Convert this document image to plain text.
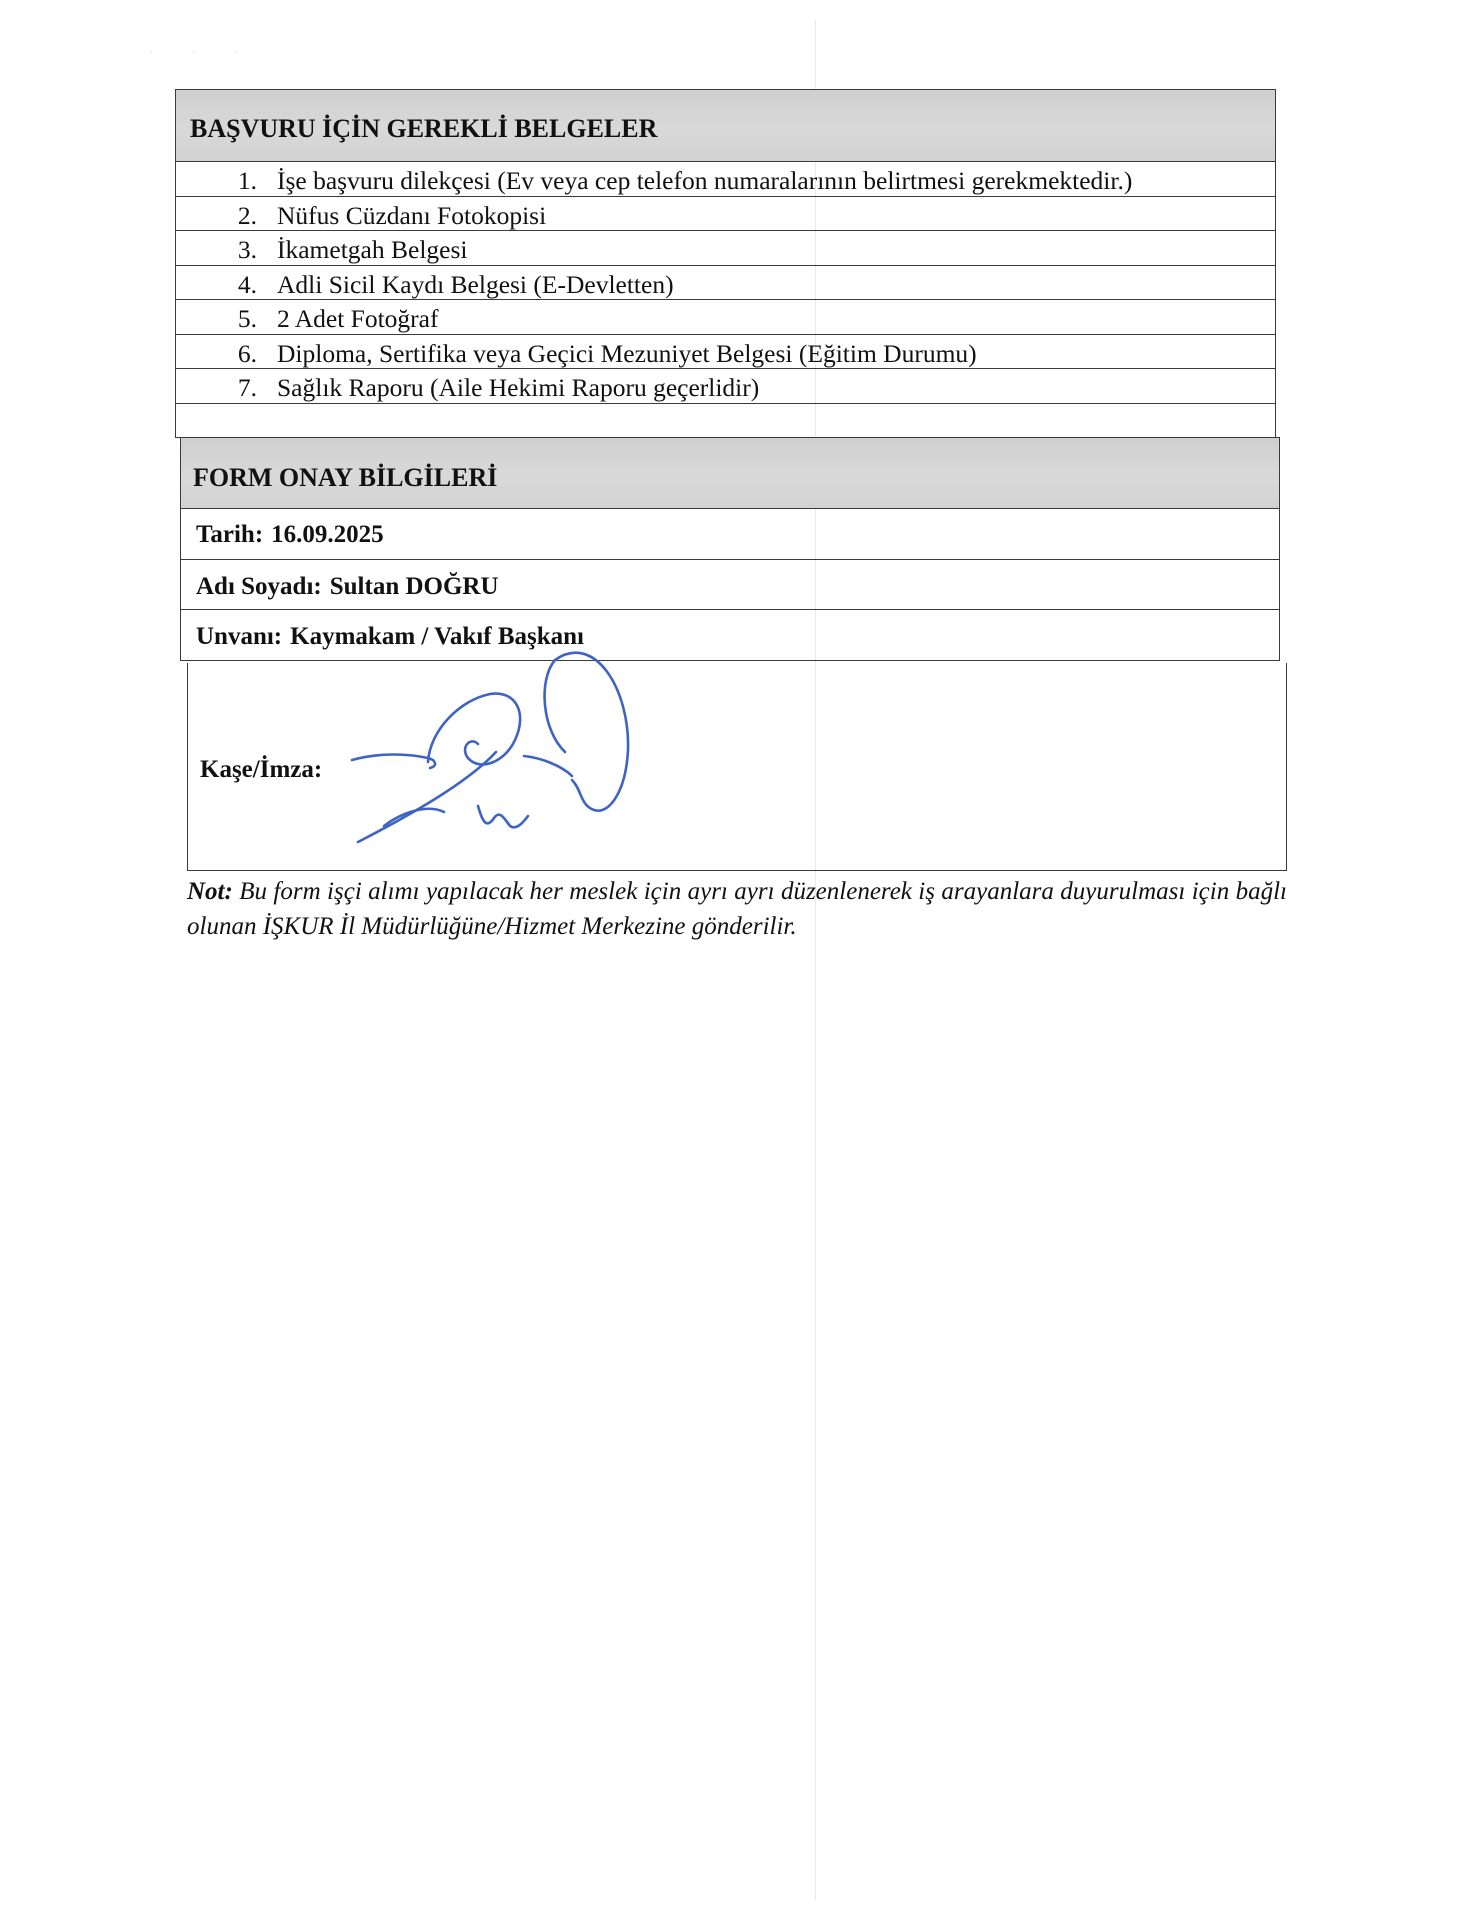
· · ·
BAŞVURU İÇİN GEREKLİ BELGELER
1. İşe başvuru dilekçesi (Ev veya cep telefon numaralarının belirtmesi gerekmektedir.)
2. Nüfus Cüzdanı Fotokopisi
3. İkametgah Belgesi
4. Adli Sicil Kaydı Belgesi (E-Devletten)
5. 2 Adet Fotoğraf
6. Diploma, Sertifika veya Geçici Mezuniyet Belgesi (Eğitim Durumu)
7. Sağlık Raporu (Aile Hekimi Raporu geçerlidir)
FORM ONAY BİLGİLERİ
Tarih: 16.09.2025
Adı Soyadı: Sultan DOĞRU
Unvanı: Kaymakam / Vakıf Başkanı
Kaşe/İmza:
Not: Bu form işçi alımı yapılacak her meslek için ayrı ayrı düzenlenerek iş arayanlara duyurulması için bağlı olunan İŞKUR İl Müdürlüğüne/Hizmet Merkezine gönderilir.
